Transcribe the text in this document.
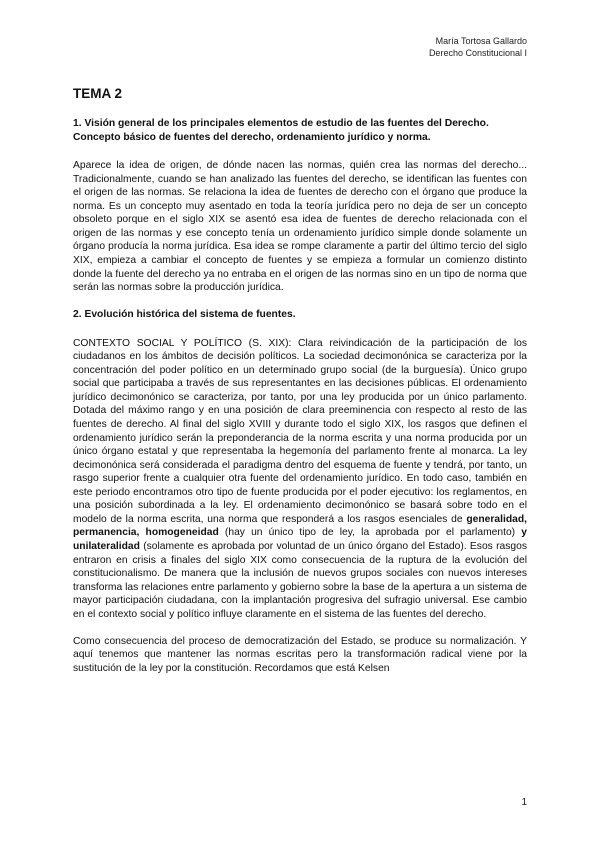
María Tortosa Gallardo
Derecho Constitucional I
TEMA 2
1. Visión general de los principales elementos de estudio de las fuentes del Derecho. Concepto básico de fuentes del derecho, ordenamiento jurídico y norma.

Aparece la idea de origen, de dónde nacen las normas, quién crea las normas del derecho... Tradicionalmente, cuando se han analizado las fuentes del derecho, se identifican las fuentes con el origen de las normas. Se relaciona la idea de fuentes de derecho con el órgano que produce la norma. Es un concepto muy asentado en toda la teoría jurídica pero no deja de ser un concepto obsoleto porque en el siglo XIX se asentó esa idea de fuentes de derecho relacionada con el origen de las normas y ese concepto tenía un ordenamiento jurídico simple donde solamente un órgano producía la norma jurídica. Esa idea se rompe claramente a partir del último tercio del siglo XIX, empieza a cambiar el concepto de fuentes y se empieza a formular un comienzo distinto donde la fuente del derecho ya no entraba en el origen de las normas sino en un tipo de norma que serán las normas sobre la producción jurídica.

2. Evolución histórica del sistema de fuentes.

CONTEXTO SOCIAL Y POLÍTICO (S. XIX): Clara reivindicación de la participación de los ciudadanos en los ámbitos de decisión políticos. La sociedad decimonónica se caracteriza por la concentración del poder político en un determinado grupo social (de la burguesía). Único grupo social que participaba a través de sus representantes en las decisiones públicas. El ordenamiento jurídico decimonónico se caracteriza, por tanto, por una ley producida por un único parlamento. Dotada del máximo rango y en una posición de clara preeminencia con respecto al resto de las fuentes de derecho. Al final del siglo XVIII y durante todo el siglo XIX, los rasgos que definen el ordenamiento jurídico serán la preponderancia de la norma escrita y una norma producida por un único órgano estatal y que representaba la hegemonía del parlamento frente al monarca. La ley decimonónica será considerada el paradigma dentro del esquema de fuente y tendrá, por tanto, un rasgo superior frente a cualquier otra fuente del ordenamiento jurídico. En todo caso, también en este periodo encontramos otro tipo de fuente producida por el poder ejecutivo: los reglamentos, en una posición subordinada a la ley. El ordenamiento decimonónico se basará sobre todo en el modelo de la norma escrita, una norma que responderá a los rasgos esenciales de generalidad, permanencia, homogeneidad (hay un único tipo de ley, la aprobada por el parlamento) y unilateralidad (solamente es aprobada por voluntad de un único órgano del Estado). Esos rasgos entraron en crisis a finales del siglo XIX como consecuencia de la ruptura de la evolución del constitucionalismo. De manera que la inclusión de nuevos grupos sociales con nuevos intereses transforma las relaciones entre parlamento y gobierno sobre la base de la apertura a un sistema de mayor participación ciudadana, con la implantación progresiva del sufragio universal. Ese cambio en el contexto social y político influye claramente en el sistema de las fuentes del derecho.

Como consecuencia del proceso de democratización del Estado, se produce su normalización. Y aquí tenemos que mantener las normas escritas pero la transformación radical viene por la sustitución de la ley por la constitución. Recordamos que está Kelsen

1
